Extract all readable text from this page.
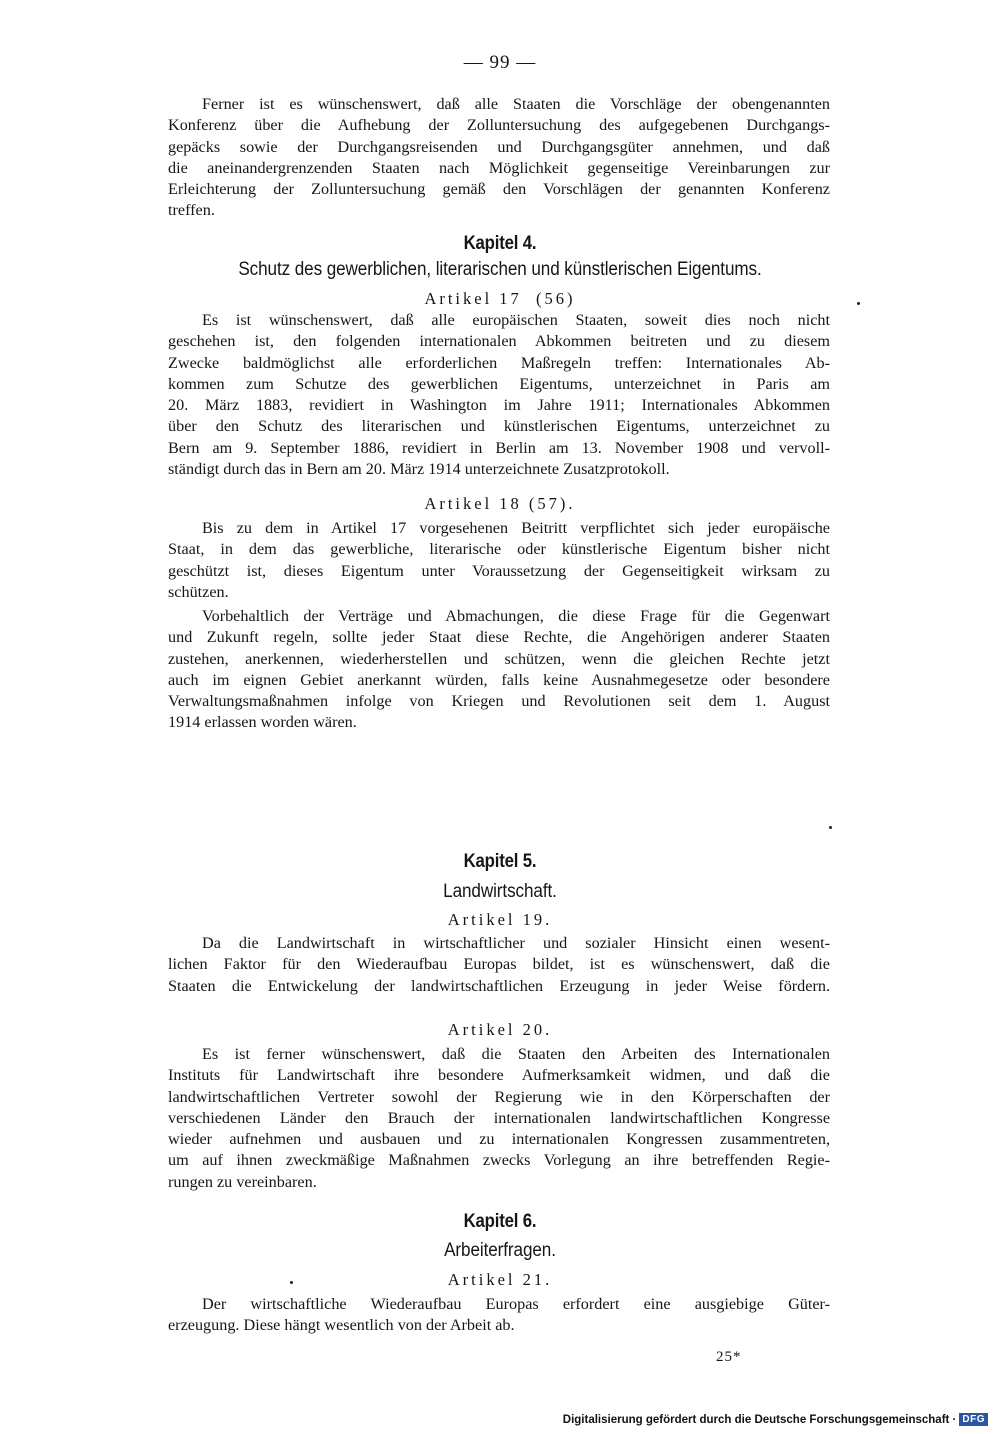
— 99 —
Ferner ist es wünschenswert, daß alle Staaten die Vorschläge der obengenannten
Konferenz über die Aufhebung der Zolluntersuchung des aufgegebenen Durchgangs-
gepäcks sowie der Durchgangsreisenden und Durchgangsgüter annehmen, und daß
die aneinandergrenzenden Staaten nach Möglichkeit gegenseitige Vereinbarungen zur
Erleichterung der Zolluntersuchung gemäß den Vorschlägen der genannten Konferenz
treffen.
Kapitel 4.
Schutz des gewerblichen, literarischen und künstlerischen Eigentums.
Artikel 17  (56)
Es ist wünschenswert, daß alle europäischen Staaten, soweit dies noch nicht
geschehen ist, den folgenden internationalen Abkommen beitreten und zu diesem
Zwecke baldmöglichst alle erforderlichen Maßregeln treffen: Internationales Ab-
kommen zum Schutze des gewerblichen Eigentums, unterzeichnet in Paris am
20. März 1883, revidiert in Washington im Jahre 1911; Internationales Abkommen
über den Schutz des literarischen und künstlerischen Eigentums, unterzeichnet zu
Bern am 9. September 1886, revidiert in Berlin am 13. November 1908 und vervoll-
ständigt durch das in Bern am 20. März 1914 unterzeichnete Zusatzprotokoll.
Artikel 18 (57).
Bis zu dem in Artikel 17 vorgesehenen Beitritt verpflichtet sich jeder europäische
Staat, in dem das gewerbliche, literarische oder künstlerische Eigentum bisher nicht
geschützt ist, dieses Eigentum unter Voraussetzung der Gegenseitigkeit wirksam zu
schützen.
Vorbehaltlich der Verträge und Abmachungen, die diese Frage für die Gegenwart
und Zukunft regeln, sollte jeder Staat diese Rechte, die Angehörigen anderer Staaten
zustehen, anerkennen, wiederherstellen und schützen, wenn die gleichen Rechte jetzt
auch im eignen Gebiet anerkannt würden, falls keine Ausnahmegesetze oder besondere
Verwaltungsmaßnahmen infolge von Kriegen und Revolutionen seit dem 1. August
1914 erlassen worden wären.
Kapitel 5.
Landwirtschaft.
Artikel 19.
Da die Landwirtschaft in wirtschaftlicher und sozialer Hinsicht einen wesent-
lichen Faktor für den Wiederaufbau Europas bildet, ist es wünschenswert, daß die
Staaten die Entwickelung der landwirtschaftlichen Erzeugung in jeder Weise fördern.
Artikel 20.
Es ist ferner wünschenswert, daß die Staaten den Arbeiten des Internationalen
Instituts für Landwirtschaft ihre besondere Aufmerksamkeit widmen, und daß die
landwirtschaftlichen Vertreter sowohl der Regierung wie in den Körperschaften der
verschiedenen Länder den Brauch der internationalen landwirtschaftlichen Kongresse
wieder aufnehmen und ausbauen und zu internationalen Kongressen zusammentreten,
um auf ihnen zweckmäßige Maßnahmen zwecks Vorlegung an ihre betreffenden Regie-
rungen zu vereinbaren.
Kapitel 6.
Arbeiterfragen.
Artikel 21.
Der wirtschaftliche Wiederaufbau Europas erfordert eine ausgiebige Güter-
erzeugung. Diese hängt wesentlich von der Arbeit ab.
25*
Digitalisierung gefördert durch die Deutsche Forschungsgemeinschaft · DFG
